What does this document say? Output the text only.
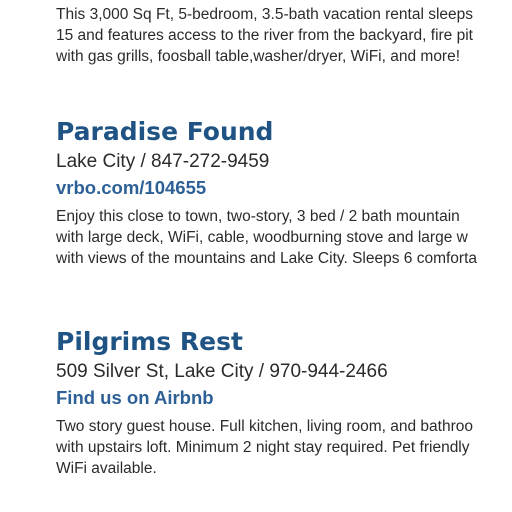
This 3,000 Sq Ft, 5-bedroom, 3.5-bath vacation rental sleeps
15 and features access to the river from the backyard, fire pit
with gas grills, foosball table,washer/dryer, WiFi, and more!
Paradise Found
Lake City / 847-272-9459
vrbo.com/104655
Enjoy this close to town, two-story, 3 bed / 2 bath mountain
with large deck, WiFi, cable, woodburning stove and large w
with views of the mountains and Lake City. Sleeps 6 comforta
Pilgrims Rest
509 Silver St, Lake City / 970-944-2466
Find us on Airbnb
Two story guest house. Full kitchen, living room, and bathroo
with upstairs loft. Minimum 2 night stay required. Pet friendly
WiFi available.
